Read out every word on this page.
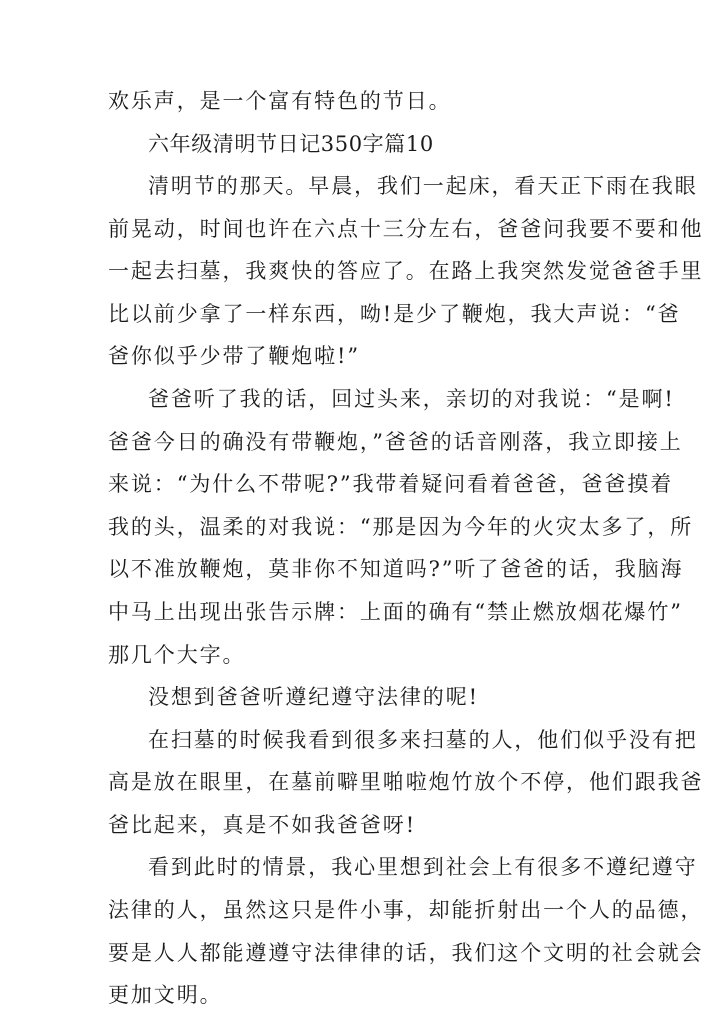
欢乐声，是一个富有特色的节日。
六年级清明节日记350字篇10
清明节的那天。早晨，我们一起床，看天正下雨在我眼
前晃动，时间也许在六点十三分左右，爸爸问我要不要和他
一起去扫墓，我爽快的答应了。在路上我突然发觉爸爸手里
比以前少拿了一样东西，呦!是少了鞭炮，我大声说：“爸
爸你似乎少带了鞭炮啦!”
爸爸听了我的话，回过头来，亲切的对我说：“是啊!
爸爸今日的确没有带鞭炮，”爸爸的话音刚落，我立即接上
来说：“为什么不带呢?”我带着疑问看着爸爸，爸爸摸着
我的头，温柔的对我说：“那是因为今年的火灾太多了，所
以不准放鞭炮，莫非你不知道吗?”听了爸爸的话，我脑海
中马上出现出张告示牌：上面的确有“禁止燃放烟花爆竹”
那几个大字。
没想到爸爸听遵纪遵守法律的呢!
在扫墓的时候我看到很多来扫墓的人，他们似乎没有把
高是放在眼里，在墓前噼里啪啦炮竹放个不停，他们跟我爸
爸比起来，真是不如我爸爸呀!
看到此时的情景，我心里想到社会上有很多不遵纪遵守
法律的人，虽然这只是件小事，却能折射出一个人的品德，
要是人人都能遵遵守法律律的话，我们这个文明的社会就会
更加文明。
